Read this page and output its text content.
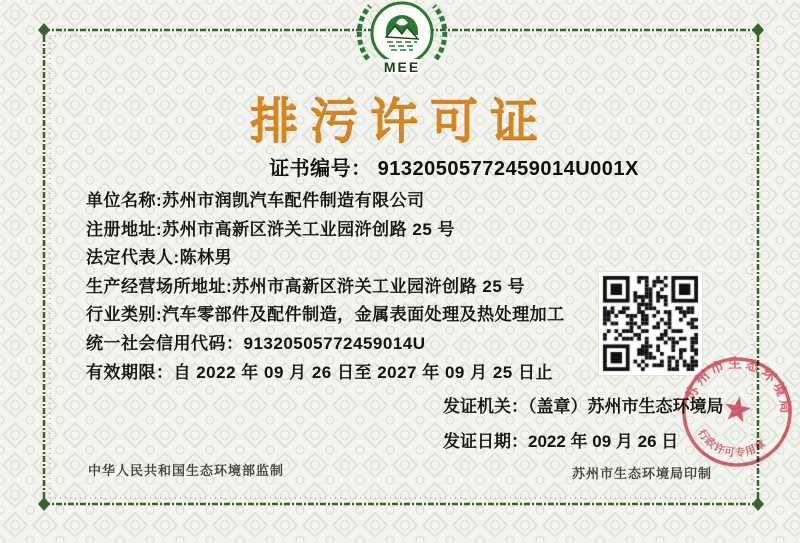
MEE
排污许可证
证书编号： 91320505772459014U001X
单位名称:苏州市润凯汽车配件制造有限公司
注册地址:苏州市高新区浒关工业园浒创路 25 号
法定代表人:陈林男
生产经营场所地址:苏州市高新区浒关工业园浒创路 25 号
行业类别:汽车零部件及配件制造，金属表面处理及热处理加工
统一社会信用代码：91320505772459014U
有效期限：自 2022 年 09 月 26 日至 2027 年 09 月 25 日止
发证机关：（盖章）苏州市生态环境局
发证日期：2022 年 09 月 26 日
苏州市生态环境局
行政许可专用章
中华人民共和国生态环境部监制	苏州市生态环境局印制
